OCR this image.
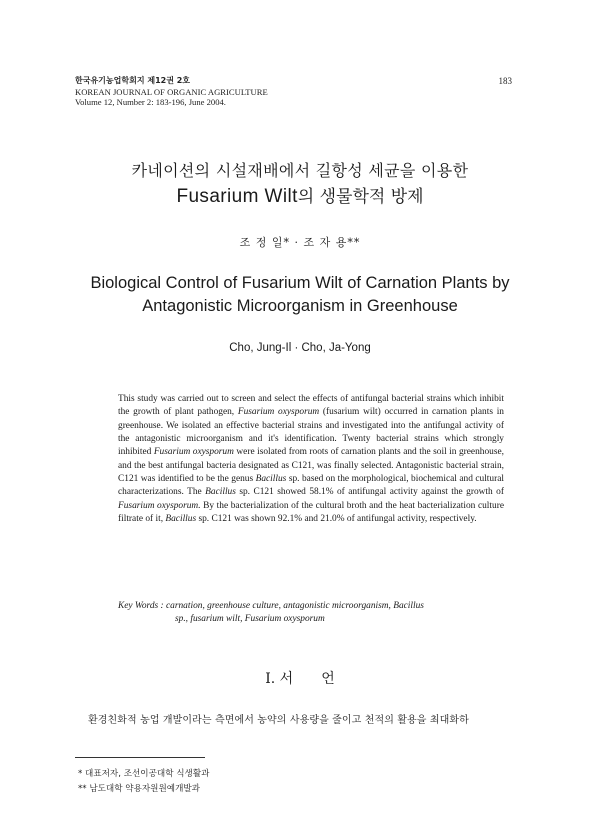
한국유기농업학회지 제12권 2호
KOREAN JOURNAL OF ORGANIC AGRICULTURE
Volume 12, Number 2: 183-196, June 2004.
183
카네이션의 시설재배에서 길항성 세균을 이용한
Fusarium Wilt의 생물학적 방제
조 정 일* · 조 자 용**
Biological Control of Fusarium Wilt of Carnation Plants by
Antagonistic Microorganism in Greenhouse
Cho, Jung-Il · Cho, Ja-Yong

This study was carried out to screen and select the effects of antifungal bacterial strains which inhibit the growth of plant pathogen, Fusarium oxysporum (fusarium wilt) occurred in carnation plants in greenhouse. We isolated an effective bacterial strains and investigated into the antifungal activity of the antagonistic microorganism and it's identification. Twenty bacterial strains which strongly inhibited Fusarium oxysporum were isolated from roots of carnation plants and the soil in greenhouse, and the best antifungal bacteria designated as C121, was finally selected. Antagonistic bacterial strain, C121 was identified to be the genus Bacillus sp. based on the morphological, biochemical and cultural characterizations. The Bacillus sp. C121 showed 58.1% of antifungal activity against the growth of Fusarium oxysporum. By the bacterialization of the cultural broth and the heat bacterialization culture filtrate of it, Bacillus sp. C121 was shown 92.1% and 21.0% of antifungal activity, respectively.

Key Words : carnation, greenhouse culture, antagonistic microorganism, Bacillus
sp., fusarium wilt, Fusarium oxysporum
I. 서　　언
환경친화적 농업 개발이라는 측면에서 농약의 사용량을 줄이고 천적의 활용을 최대화하
* 대표저자, 조선이공대학 식생활과
** 남도대학 약용자원원예개발과
